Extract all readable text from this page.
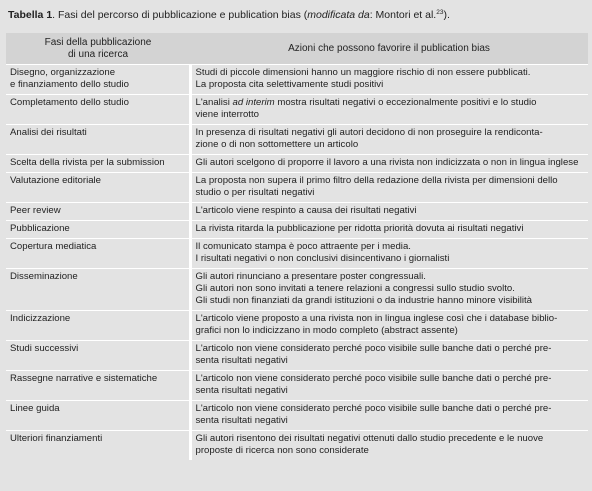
Tabella 1. Fasi del percorso di pubblicazione e publication bias (modificata da: Montori et al.$^{23}$).
Fasi della pubblicazione
di una ricerca	Azioni che possono favorire il publication bias
Disegno, organizzazione
e finanziamento dello studio	Studi di piccole dimensioni hanno un maggiore rischio di non essere pubblicati.
La proposta cita selettivamente studi positivi
Completamento dello studio	L'analisi ad interim mostra risultati negativi o eccezionalmente positivi e lo studio
viene interrotto
Analisi dei risultati	In presenza di risultati negativi gli autori decidono di non proseguire la rendiconta-
zione o di non sottomettere un articolo
Scelta della rivista per la submission	Gli autori scelgono di proporre il lavoro a una rivista non indicizzata o non in lingua inglese
Valutazione editoriale	La proposta non supera il primo filtro della redazione della rivista per dimensioni dello
studio o per risultati negativi
Peer review	L'articolo viene respinto a causa dei risultati negativi
Pubblicazione	La rivista ritarda la pubblicazione per ridotta priorità dovuta ai risultati negativi
Copertura mediatica	Il comunicato stampa è poco attraente per i media.
I risultati negativi o non conclusivi disincentivano i giornalisti
Disseminazione	Gli autori rinunciano a presentare poster congressuali.
Gli autori non sono invitati a tenere relazioni a congressi sullo studio svolto.
Gli studi non finanziati da grandi istituzioni o da industrie hanno minore visibilità
Indicizzazione	L'articolo viene proposto a una rivista non in lingua inglese così che i database biblio-
grafici non lo indicizzano in modo completo (abstract assente)
Studi successivi	L'articolo non viene considerato perché poco visibile sulle banche dati o perché pre-
senta risultati negativi
Rassegne narrative e sistematiche	L'articolo non viene considerato perché poco visibile sulle banche dati o perché pre-
senta risultati negativi
Linee guida	L'articolo non viene considerato perché poco visibile sulle banche dati o perché pre-
senta risultati negativi
Ulteriori finanziamenti	Gli autori risentono dei risultati negativi ottenuti dallo studio precedente e le nuove
proposte di ricerca non sono considerate
